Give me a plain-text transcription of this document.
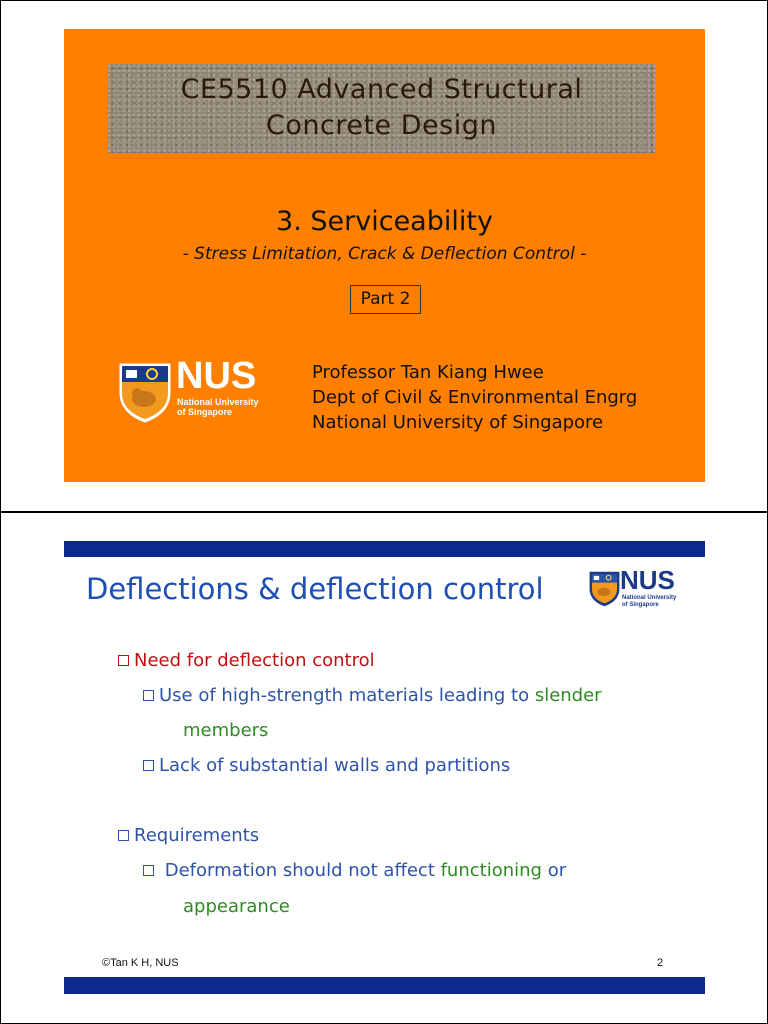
CE5510 Advanced Structural
Concrete Design
3. Serviceability
- Stress Limitation, Crack & Deflection Control -
Part 2
NUS
National University
of Singapore
Professor Tan Kiang Hwee
Dept of Civil & Environmental Engrg
National University of Singapore
Deflections & deflection control	NUS
National University
of Singapore
Need for deflection control
Use of high-strength materials leading to slender
members
Lack of substantial walls and partitions
Requirements
Deformation should not affect functioning or
appearance
©Tan K H, NUS	2
